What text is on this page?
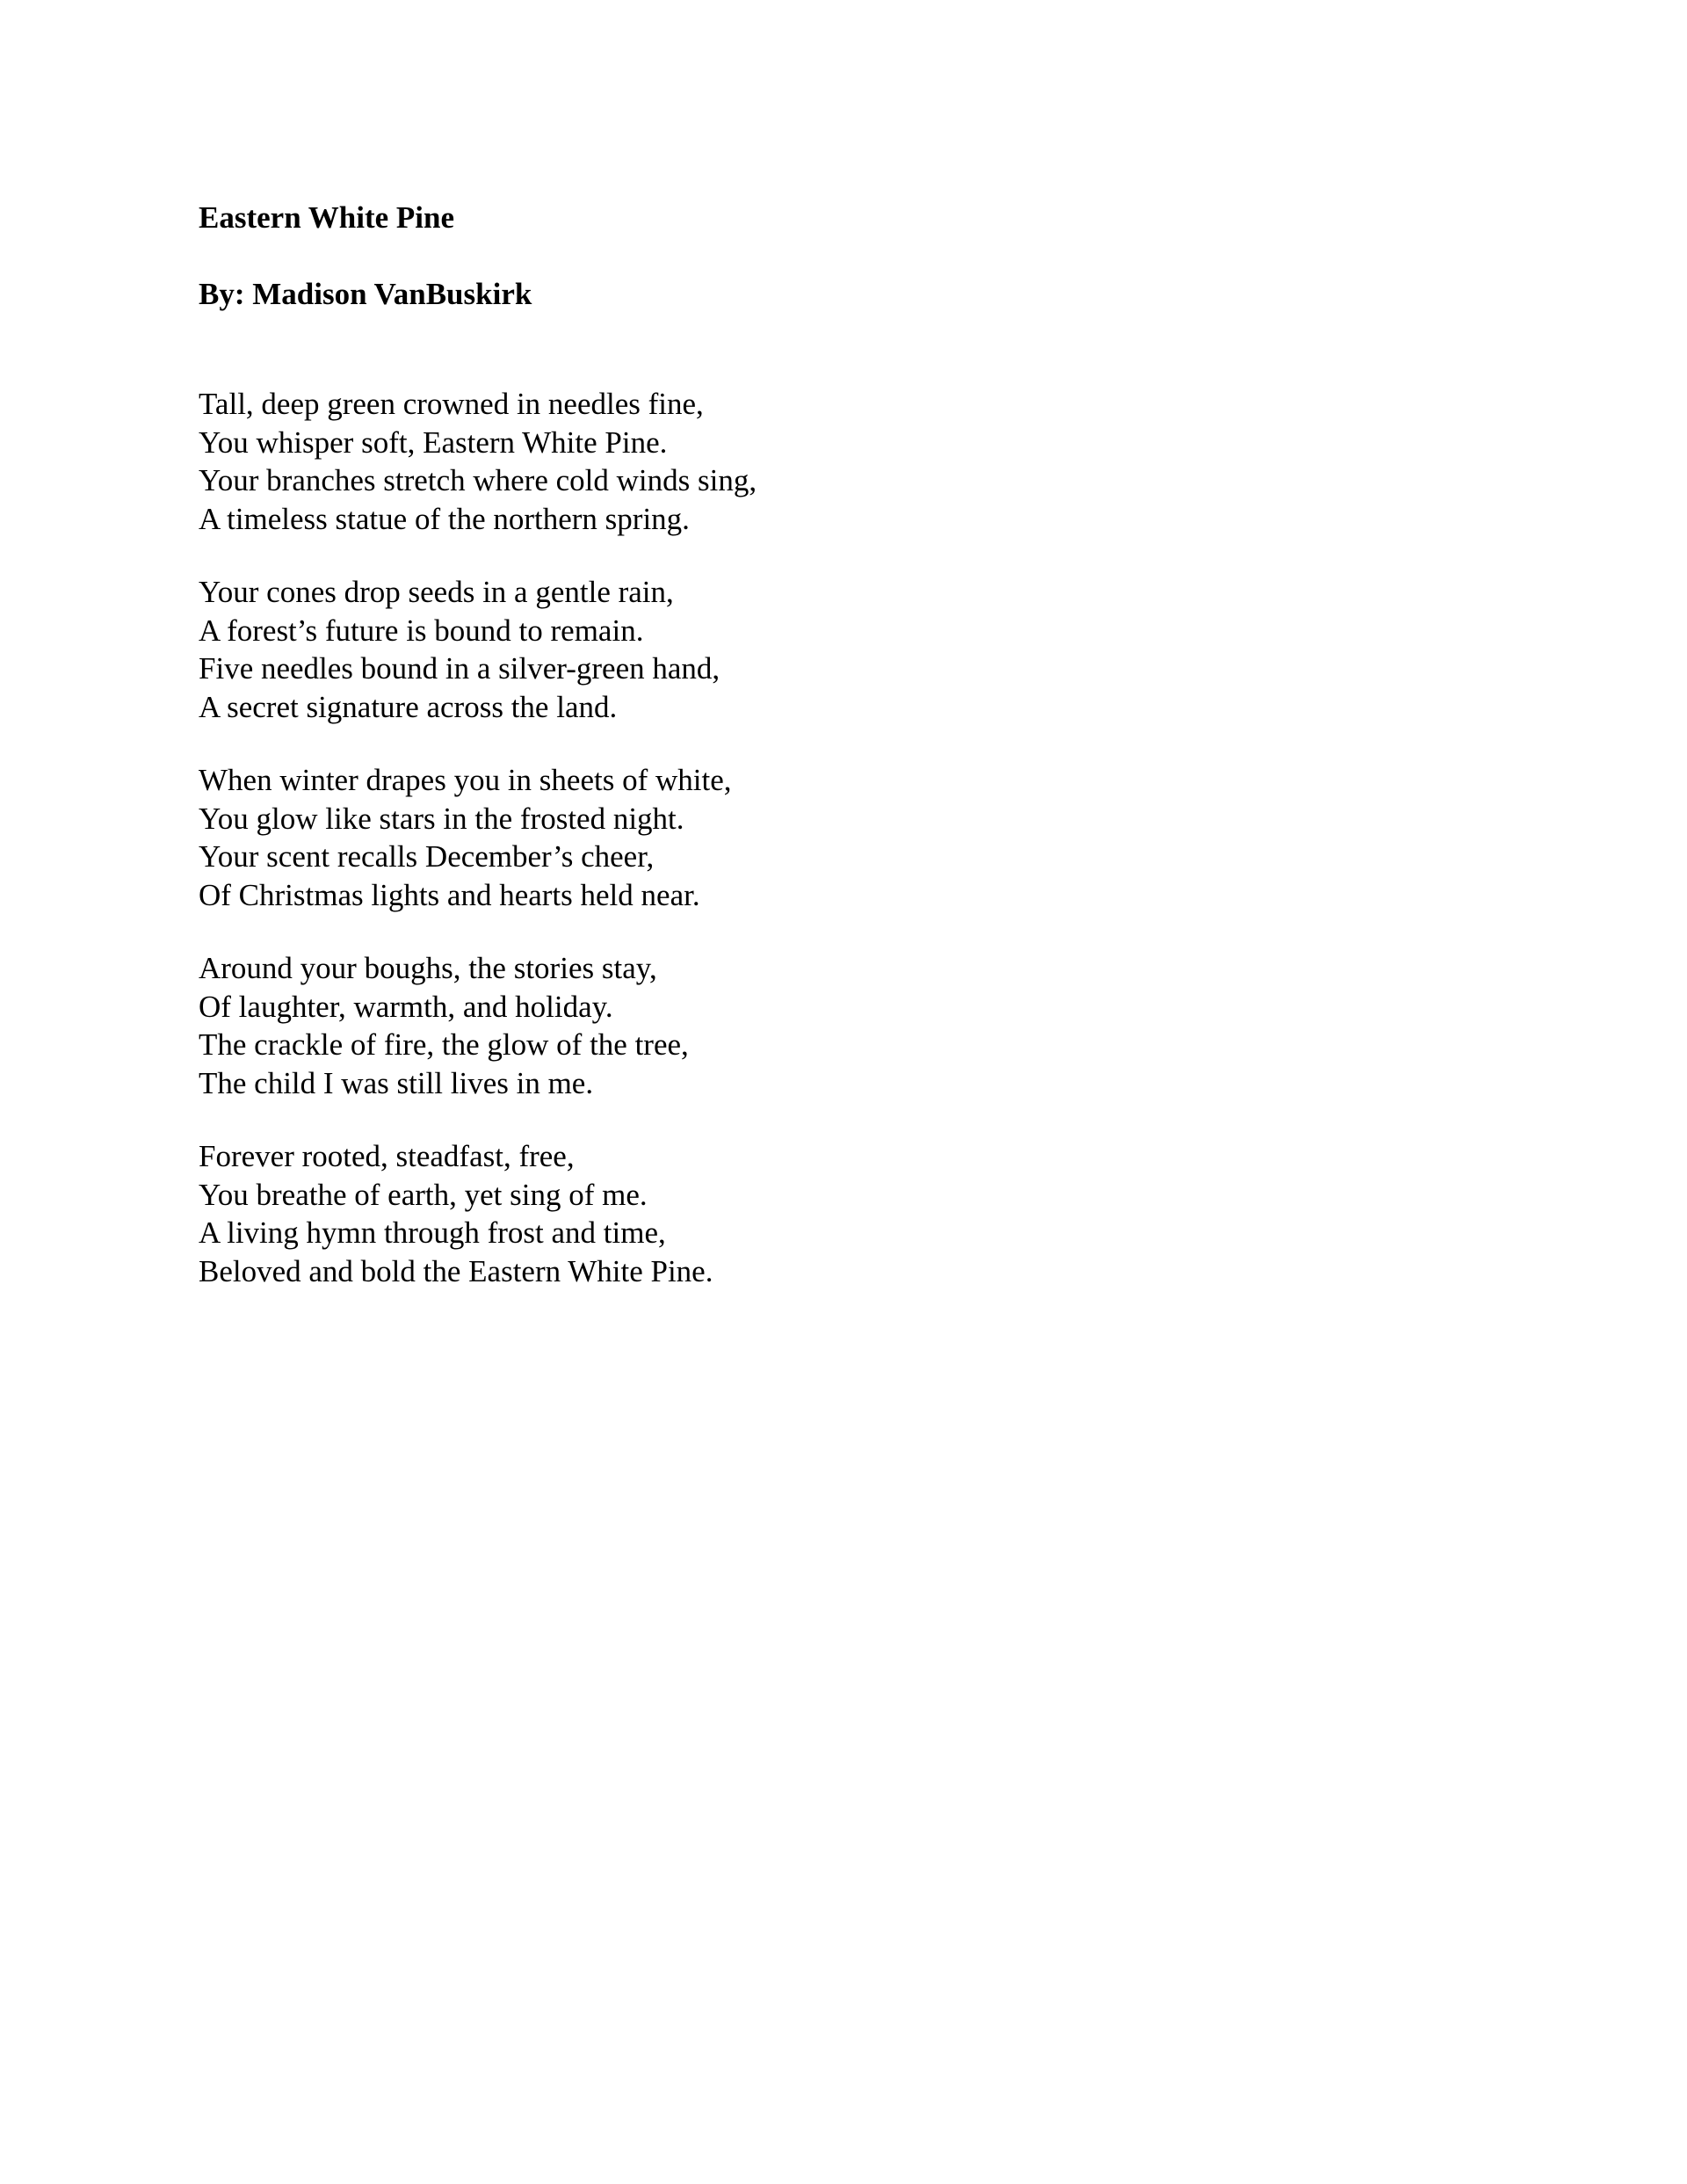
Eastern White Pine
By: Madison VanBuskirk
Tall, deep green crowned in needles fine,
You whisper soft, Eastern White Pine.
Your branches stretch where cold winds sing,
A timeless statue of the northern spring.
Your cones drop seeds in a gentle rain,
A forest’s future is bound to remain.
Five needles bound in a silver-green hand,
A secret signature across the land.
When winter drapes you in sheets of white,
You glow like stars in the frosted night.
Your scent recalls December’s cheer,
Of Christmas lights and hearts held near.
Around your boughs, the stories stay,
Of laughter, warmth, and holiday.
The crackle of fire, the glow of the tree,
The child I was still lives in me.
Forever rooted, steadfast, free,
You breathe of earth, yet sing of me.
A living hymn through frost and time,
Beloved and bold the Eastern White Pine.
